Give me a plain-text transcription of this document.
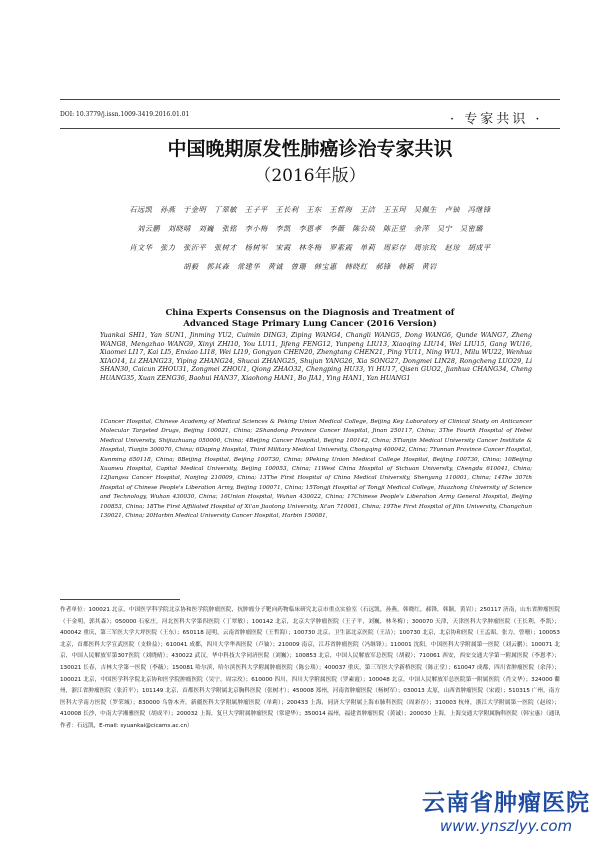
DOI: 10.3779/j.issn.1009-3419.2016.01.01	· 专家共识 ·
中国晚期原发性肺癌诊治专家共识
（2016年版）
石远凯　孙燕　于金明　丁翠敏　王子平　王长利　王东　王哲海　王洁　王玉珂　吴佩生　卢铀　冯继锋
刘云鹏　刘晓晴　刘巍　张铭　李小梅　李凯　李恩孝　李薇　陈公琰　陈正堂　余萍　吴宁　吴密璐
肖文华　张力　张沂平　张树才　杨树军　宋霞　林冬梅　罗素霞　单莉　周彩存　周宗玫　赵琼　胡成平
胡毅　郭其森　常建华　黄诚　曾珊　韩宝惠　韩晓红　郝锋　韩颖　黄岩
China Experts Consensus on the Diagnosis and Treatment of
Advanced Stage Primary Lung Cancer (2016 Version)
Yuankai SHI1, Yan SUN1, Jinming YU2, Cuimin DING3, Ziping WANG4, Changli WANG5, Dong WANG6, Qunde WANG7, Zheng WANG8, Mengzhao WANG9, Xinyi ZHI10, You LU11, Jifeng FENG12, Yunpeng LIU13, Xiaoqing LIU14, Wei LIU15, Gang WU16, Xiaomei LI17, Kai LI5, Enxiao LI18, Wei LI19, Gongyan CHEN20, Zhengtang CHEN21, Ping YU11, Ning WU1, Milu WU22, Wenhua XIAO14, Li ZHANG23, Yiping ZHANG24, Shucai ZHANG25, Shujun YANG26, Xia SONG27, Dongmei LIN28, Rongcheng LUO29, Li SHAN30, Caicun ZHOU31, Zongmei ZHOU1, Qiong ZHAO32, Chengping HU33, Yi HU17, Qisen GUO2, Jianhua CHANG34, Cheng HUANG35, Xuan ZENG36, Baohui HAN37, Xiaohong HAN1, Bo JIA1, Ying HAN1, Yan HUANG1
1Cancer Hospital, Chinese Academy of Medical Sciences & Peking Union Medical College, Beijing Key Laboratory of Clinical Study on Anticancer Molecular Targeted Drugs, Beijing 100021, China; 2Shandong Province Cancer Hospital, Jinan 250117, China; 3The Fourth Hospital of Hebei Medical University, Shijiazhuang 050000, China; 4Beijing Cancer Hospital, Beijing 100142, China; 5Tianjin Medical University Cancer Institute & Hospital, Tianjin 300070, China; 6Daping Hospital, Third Military Medical University, Chongqing 400042, China; 7Yunnan Province Cancer Hospital, Kunming 650118, China; 8Beijing Hospital, Beijing 100730, China; 9Peking Union Medical College Hospital, Beijing 100730, China; 10Beijing Xuanwu Hospital, Capital Medical University, Beijing 100053, China; 11West China Hospital of Sichuan University, Chengdu 610041, China; 12Jiangsu Cancer Hospital, Nanjing 210009, China; 13The First Hospital of China Medical University, Shenyang 110001, China; 14The 307th Hospital of Chinese People's Liberation Army, Beijing 100071, China; 15Tongji Hospital of Tongji Medical College, Huazhong University of Science and Technology, Wuhan 430030, China; 16Union Hospital, Wuhan 430022, China; 17Chinese People's Liberation Army General Hospital, Beijing 100853, China; 18The First Affiliated Hospital of Xi'an Jiaotong University, Xi'an 710061, China; 19The First Hospital of Jilin University, Changchun 130021, China; 20Harbin Medical University Cancer Hospital, Harbin 150081,
作者单位：100021 北京，中国医学科学院北京协和医学院肿瘤医院，抗肿瘤分子靶向药物临床研究北京市重点实验室（石远凯，孙燕，韩晓红，郝锋，韩颖，黄岩）；250117 济南，山东省肿瘤医院（于金明，郭其森）；050000 石家庄，河北医科大学第四医院（丁翠敏）；100142 北京，北京大学肿瘤医院（王子平，刘巍，林冬梅）；300070 天津，天津医科大学肿瘤医院（王长利，李凯）；400042 重庆，第三军医大学大坪医院（王东）；650118 昆明，云南省肿瘤医院（王哲海）；100730 北京，卫生部北京医院（王洁）；100730 北京，北京协和医院（王孟昭，张力，曾珊）；100053 北京，首都医科大学宣武医院（支修益）；610041 成都，四川大学华西医院（卢铀）；210009 南京，江苏省肿瘤医院（冯继锋）；110001 沈阳，中国医科大学附属第一医院（刘云鹏）；100071 北京，中国人民解放军第307医院（刘晓晴）；430022 武汉，华中科技大学同济医院（刘巍）；100853 北京，中国人民解放军总医院（胡毅）；710061 西安，西安交通大学第一附属医院（李恩孝）；130021 长春，吉林大学第一医院（李薇）；150081 哈尔滨，哈尔滨医科大学附属肿瘤医院（陈公琰）；400037 重庆，第三军医大学新桥医院（陈正堂）；610047 成都，四川省肿瘤医院（余萍）；100021 北京，中国医学科学院北京协和医学院肿瘤医院（吴宁，周宗玫）；610000 四川，四川大学附属医院（罗素霞）；100048 北京，中国人民解放军总医院第一附属医院（肖文华）；324000 衢州，浙江省肿瘤医院（张沂平）；101149 北京，首都医科大学附属北京胸科医院（张树才）；450008 郑州，河南省肿瘤医院（杨树军）；030013 太原，山西省肿瘤医院（宋霞）；510315 广州，南方医科大学南方医院（罗荣城）；830000 乌鲁木齐，新疆医科大学附属肿瘤医院（单莉）；200433 上海，同济大学附属上海市肺科医院（周彩存）；310003 杭州，浙江大学附属第一医院（赵琼）；410008 长沙，中南大学湘雅医院（胡成平）；200032 上海，复旦大学附属肿瘤医院（常建华）；350014 福州，福建省肿瘤医院（黄诚）；200030 上海，上海交通大学附属胸科医院（韩宝惠）（通讯作者：石远凯，E-mail: syuankai@cicams.ac.cn）
云南省肿瘤医院
www.ynszlyy.com
